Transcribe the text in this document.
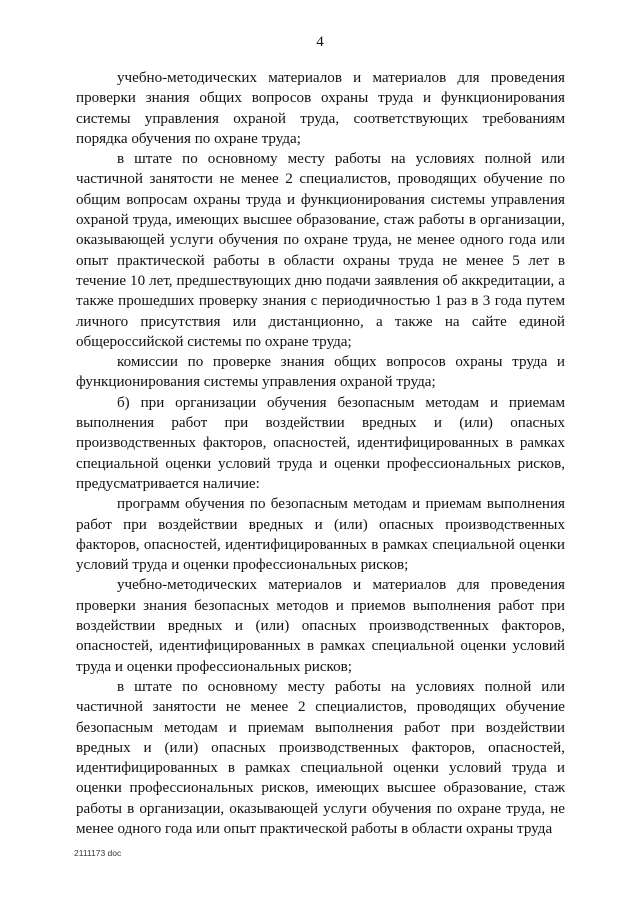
4

учебно-методических материалов и материалов для проведения проверки знания общих вопросов охраны труда и функционирования системы управления охраной труда, соответствующих требованиям порядка обучения по охране труда;

в штате по основному месту работы на условиях полной или частичной занятости не менее 2 специалистов, проводящих обучение по общим вопросам охраны труда и функционирования системы управления охраной труда, имеющих высшее образование, стаж работы в организации, оказывающей услуги обучения по охране труда, не менее одного года или опыт практической работы в области охраны труда не менее 5 лет в течение 10 лет, предшествующих дню подачи заявления об аккредитации, а также прошедших проверку знания с периодичностью 1 раз в 3 года путем личного присутствия или дистанционно, а также на сайте единой общероссийской системы по охране труда;

комиссии по проверке знания общих вопросов охраны труда и функционирования системы управления охраной труда;

б) при организации обучения безопасным методам и приемам выполнения работ при воздействии вредных и (или) опасных производственных факторов, опасностей, идентифицированных в рамках специальной оценки условий труда и оценки профессиональных рисков, предусматривается наличие:

программ обучения по безопасным методам и приемам выполнения работ при воздействии вредных и (или) опасных производственных факторов, опасностей, идентифицированных в рамках специальной оценки условий труда и оценки профессиональных рисков;

учебно-методических материалов и материалов для проведения проверки знания безопасных методов и приемов выполнения работ при воздействии вредных и (или) опасных производственных факторов, опасностей, идентифицированных в рамках специальной оценки условий труда и оценки профессиональных рисков;

в штате по основному месту работы на условиях полной или частичной занятости не менее 2 специалистов, проводящих обучение безопасным методам и приемам выполнения работ при воздействии вредных и (или) опасных производственных факторов, опасностей, идентифицированных в рамках специальной оценки условий труда и оценки профессиональных рисков, имеющих высшее образование, стаж работы в организации, оказывающей услуги обучения по охране труда, не менее одного года или опыт практической работы в области охраны труда

2111173 doc
